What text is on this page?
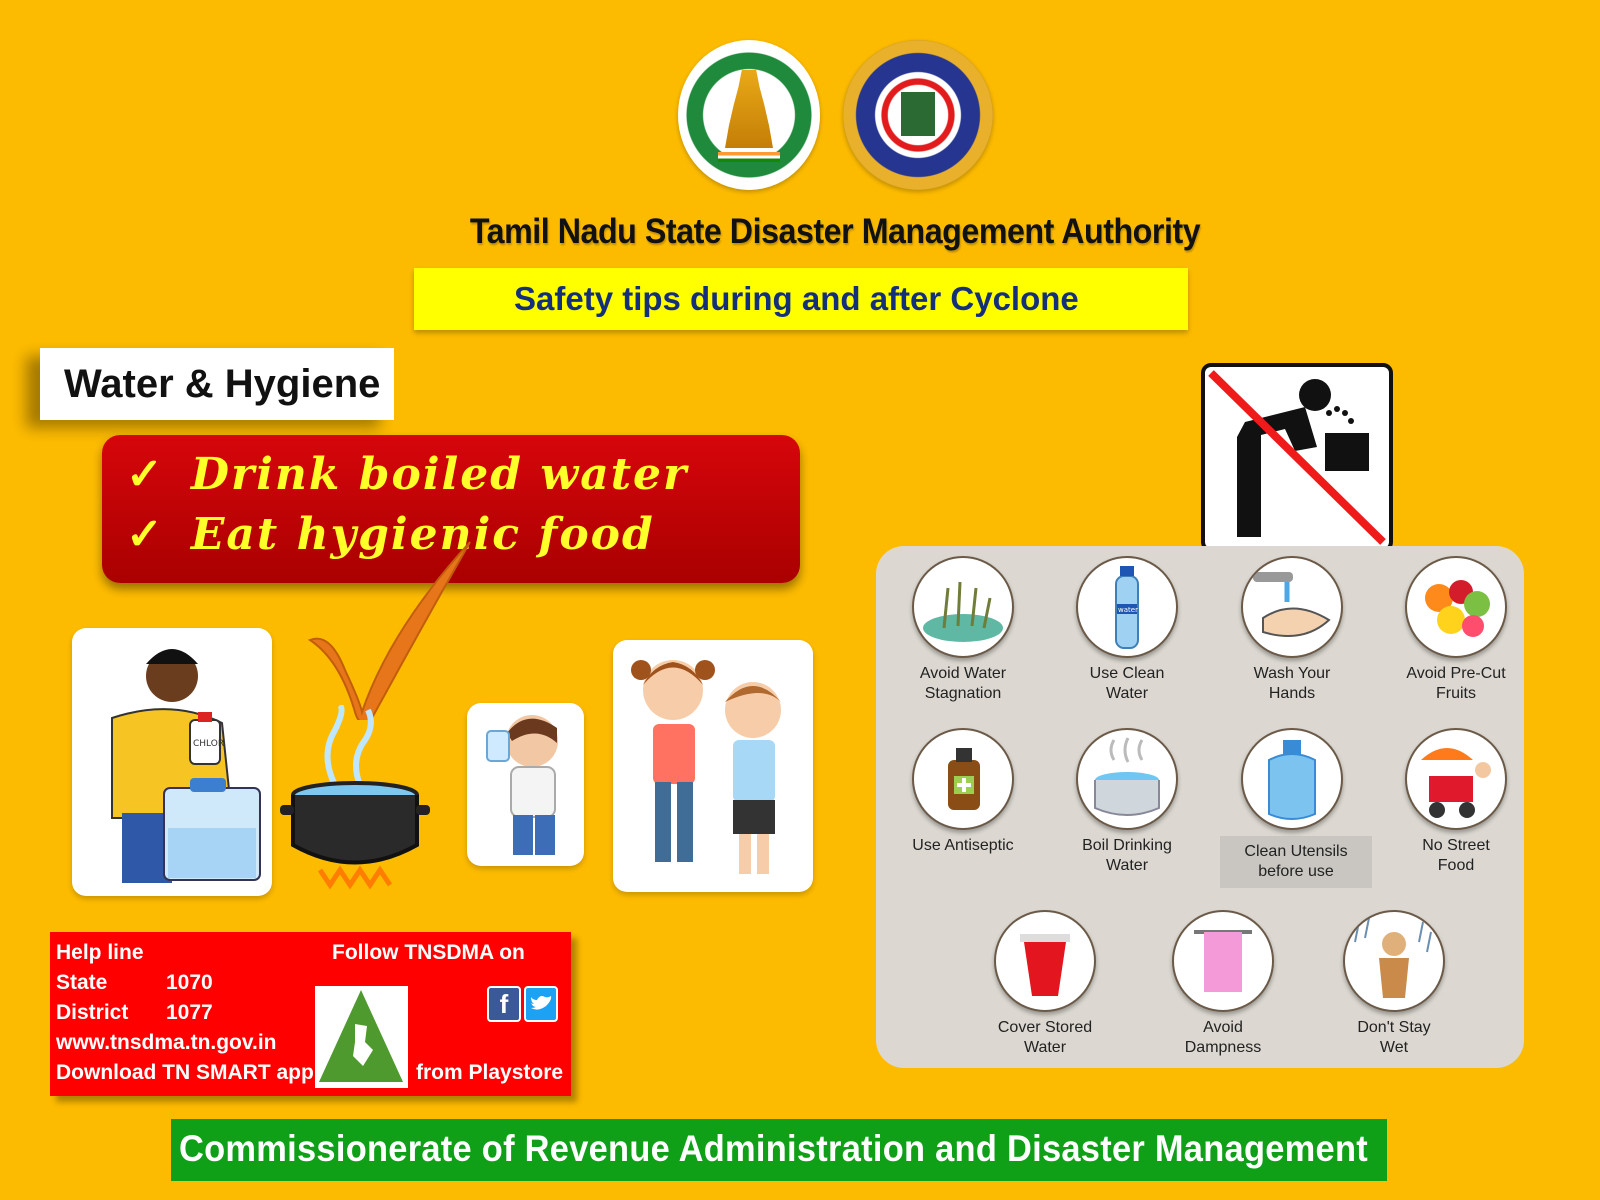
Tamil Nadu State Disaster Management Authority
Safety tips during and after Cyclone
Water & Hygiene
✓ Drink boiled water
✓ Eat hygienic food
CHLOR
Help line
State	1070
District 1077
www.tnsdma.tn.gov.in
Download TN SMART app
Follow TNSDMA on
from Playstore
f
Avoid Water
Stagnation
water
Use Clean
Water
Wash Your
Hands
Avoid Pre-Cut
Fruits
Use Antiseptic	Boil Drinking
Water
Clean Utensils
before use
No Street
Food
Cover Stored
Water
Avoid
Dampness
Don't Stay
Wet
Commissionerate of Revenue Administration and Disaster Management
